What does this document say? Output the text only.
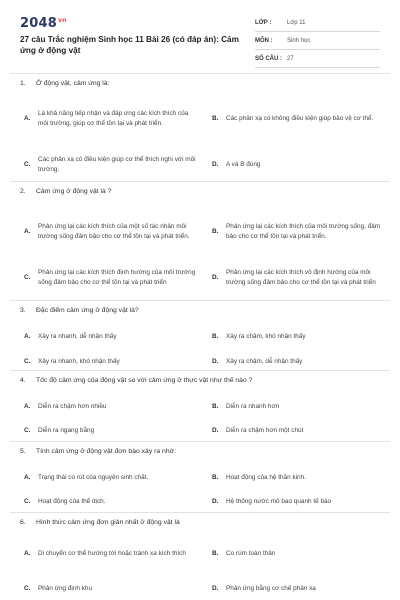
$2048^{vn}$
27 câu Trắc nghiệm Sinh học 11 Bài 26 (có đáp án): Cảm ứng ở động vật
LỚP :	Lớp 11
MÔN :	Sinh học
SỐ CÂU : 27
1.	Ở động vật, cảm ứng là:
A.
Là khả năng tiếp nhận và đáp ứng các kích thích của môi trường, giúp cơ thể tồn tại và phát triển.
B.	Các phản xạ có không điều kiện giúp bảo vệ cơ thể.
C.
Các phản xạ có điều kiện giúp cơ thể thích nghi với môi trường.
D.	A và B đúng
2.	Cảm ứng ở động vật là ?
A.
Phản ứng lại các kích thích của một số tác nhân môi trường sống đảm bảo cho cơ thể tồn tại và phát triển.
B.
Phản ứng lại các kích thích của môi trường sống, đảm bảo cho cơ thể tồn tại và phát triển.
C.
Phản ứng lại các kích thích định hướng của môi trường sống đảm bảo cho cơ thể tồn tại và phát triển
D.
Phản ứng lại các kích thích vô định hướng của môi trường sống đảm bảo cho cơ thể tồn tại và phát triển
3.	Đặc điểm cảm ứng ở động vật là?
A.	Xảy ra nhanh, dễ nhận thấy	B.	Xảy ra chậm, khó nhận thấy
C.	Xảy ra nhanh, khó nhận thấy	D.	Xảy ra chậm, dễ nhận thấy
4.	Tốc độ cảm ứng của động vật so với cảm ứng ở thực vật như thế nào ?
A.	Diễn ra chậm hơn nhiều	B.	Diễn ra nhanh hơn
C.	Diễn ra ngang bằng	D.	Diễn ra chậm hơn một chút
5.	Tính cảm ứng ở động vật đơn bào xảy ra nhờ:
A.	Trạng thái co rút của nguyên sinh chất.	B.	Hoạt động của hệ thần kinh.
C.	Hoạt động của thể dịch.	D.	Hệ thống nước mô bao quanh tế bào
6.	Hình thức cảm ứng đơn giản nhất ở động vật là
A.	Di chuyển cơ thể hướng tới hoặc tránh xa kích thích	B.	Co rúm toàn thân
C.	Phản ứng định khu	D.	Phản ứng bằng cơ chế phản xạ
